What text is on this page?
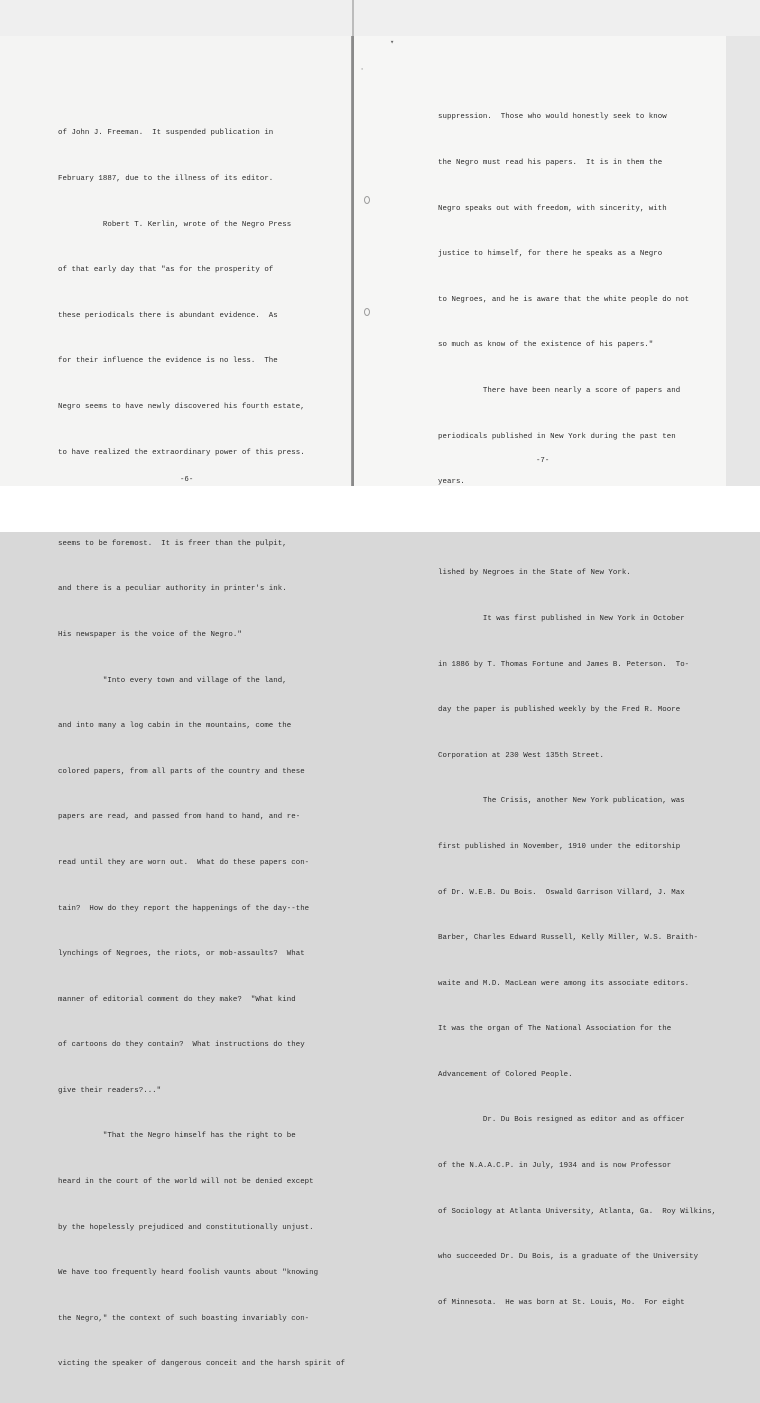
of John J. Freeman.  It suspended publication in

February 1887, due to the illness of its editor.

Robert T. Kerlin, wrote of the Negro Press

of that early day that "as for the prosperity of

these periodicals there is abundant evidence.  As

for their influence the evidence is no less.  The

Negro seems to have newly discovered his fourth estate,

to have realized the extraordinary power of this press.

seems to be foremost.  It is freer than the pulpit,

and there is a peculiar authority in printer's ink.

His newspaper is the voice of the Negro."

"Into every town and village of the land,

and into many a log cabin in the mountains, come the

colored papers, from all parts of the country and these

papers are read, and passed from hand to hand, and re-

read until they are worn out.  What do these papers con-

tain?  How do they report the happenings of the day--the

lynchings of Negroes, the riots, or mob-assaults?  What

manner of editorial comment do they make?  "What kind

of cartoons do they contain?  What instructions do they

give their readers?..."

"That the Negro himself has the right to be

heard in the court of the world will not be denied except

by the hopelessly prejudiced and constitutionally unjust.

We have too frequently heard foolish vaunts about "knowing

the Negro," the context of such boasting invariably con-

victing the speaker of dangerous conceit and the harsh spirit of

-6-
▾
·

suppression.  Those who would honestly seek to know

the Negro must read his papers.  It is in them the

Negro speaks out with freedom, with sincerity, with

justice to himself, for there he speaks as a Negro

to Negroes, and he is aware that the white people do not

so much as know of the existence of his papers."

There have been nearly a score of papers and

periodicals published in New York during the past ten

years.

lished by Negroes in the State of New York.

It was first published in New York in October

in 1886 by T. Thomas Fortune and James B. Peterson.  To-

day the paper is published weekly by the Fred R. Moore

Corporation at 230 West 135th Street.

The Crisis, another New York publication, was

first published in November, 1910 under the editorship

of Dr. W.E.B. Du Bois.  Oswald Garrison Villard, J. Max

Barber, Charles Edward Russell, Kelly Miller, W.S. Braith-

waite and M.D. MacLean were among its associate editors.

It was the organ of The National Association for the

Advancement of Colored People.

Dr. Du Bois resigned as editor and as officer

of the N.A.A.C.P. in July, 1934 and is now Professor

of Sociology at Atlanta University, Atlanta, Ga.  Roy Wilkins,

who succeeded Dr. Du Bois, is a graduate of the University

of Minnesota.  He was born at St. Louis, Mo.  For eight

-7-
